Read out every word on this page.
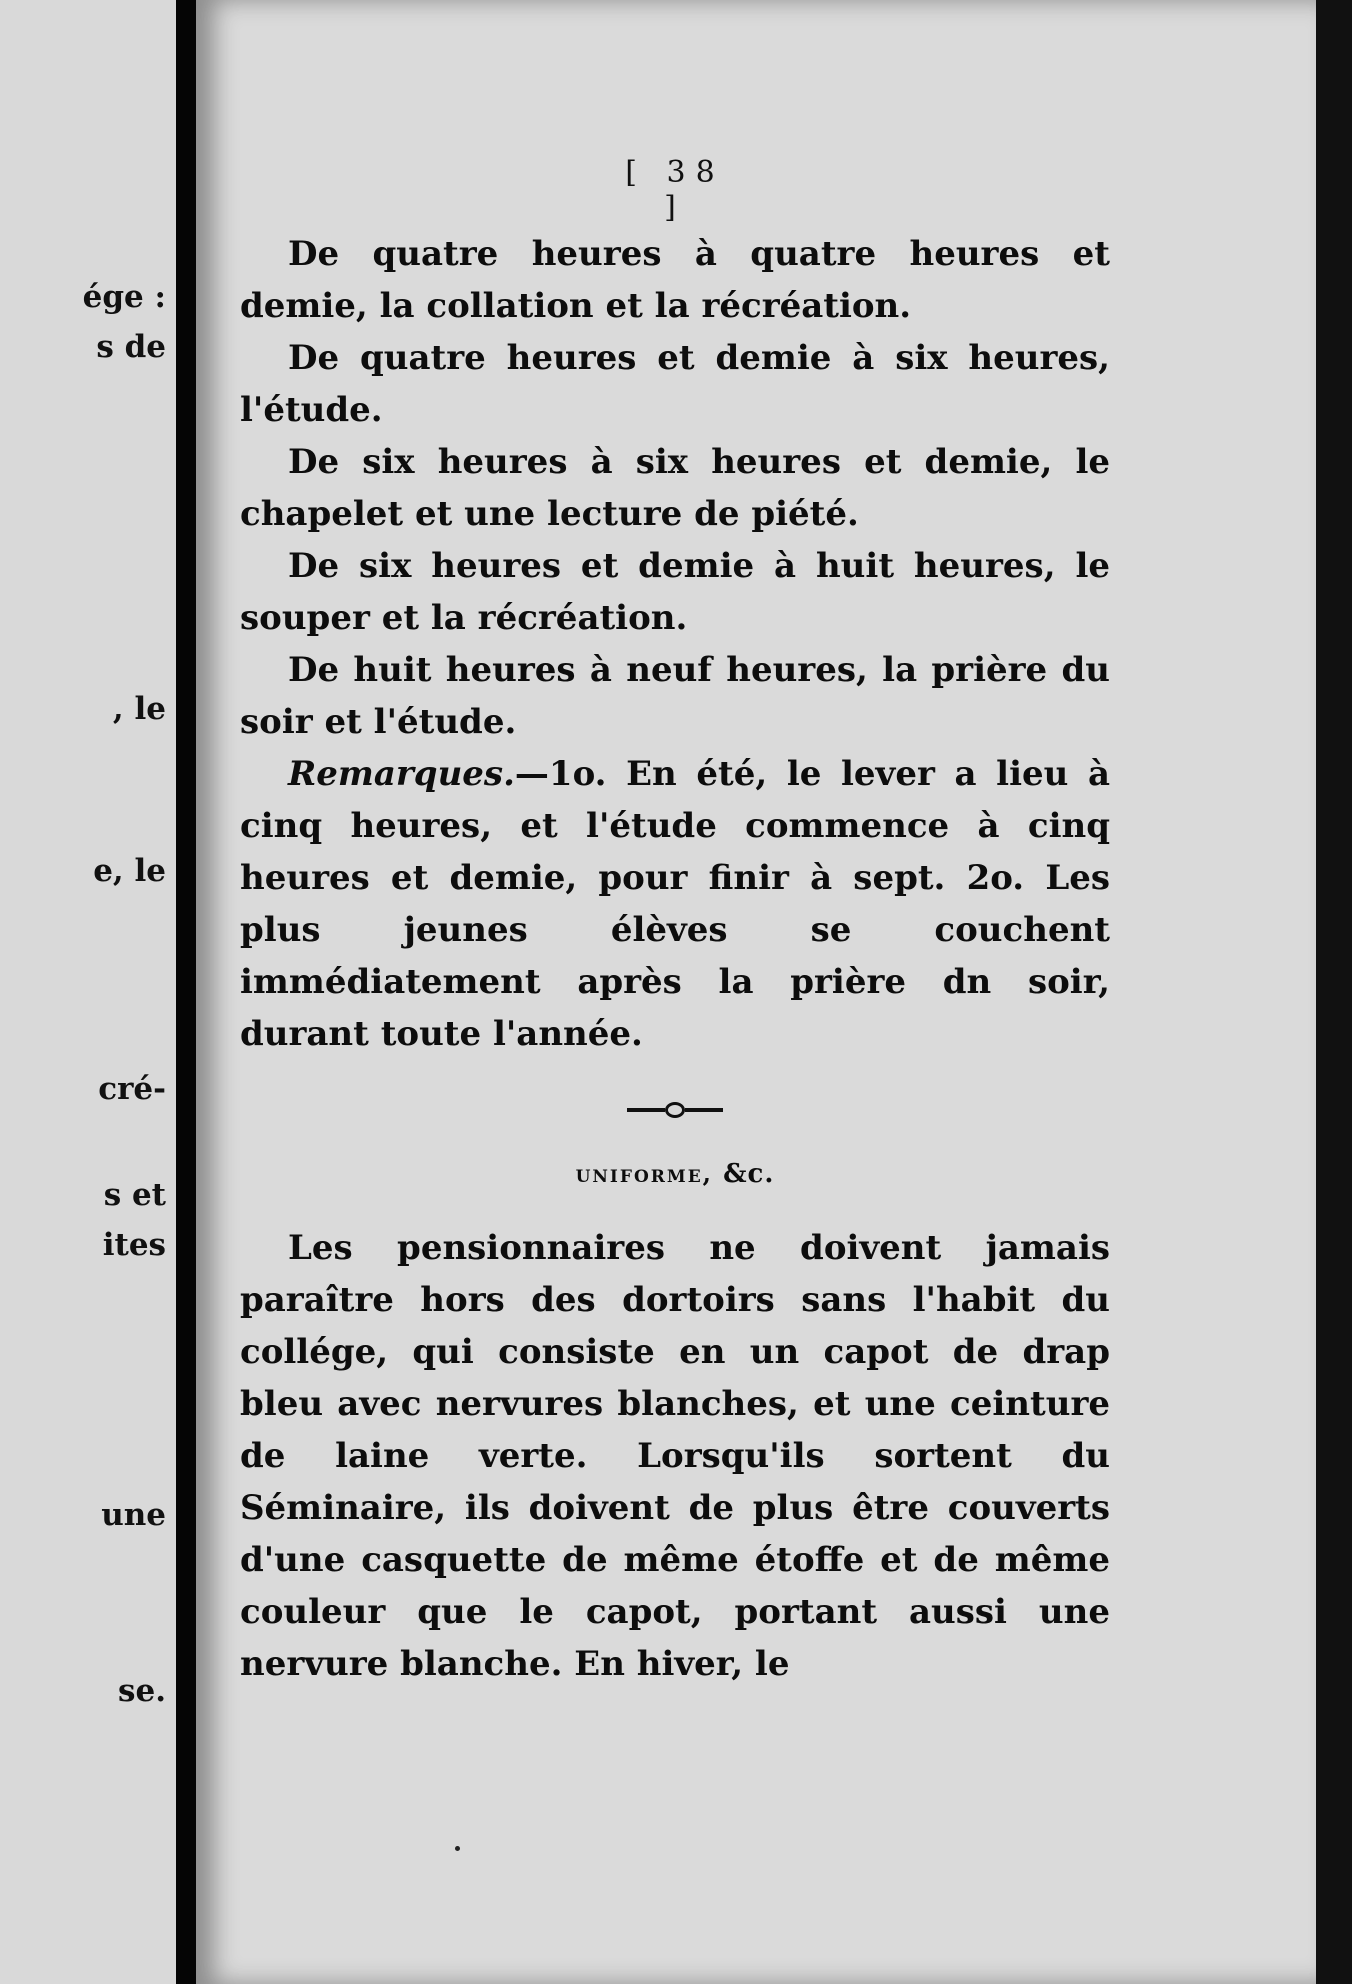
ége :
s de
, le
e, le
cré-
s et
ites
une
se.
[ 38 ]

De quatre heures à quatre heures et demie, la collation et la récréation.

De quatre heures et demie à six heures, l'étude.

De six heures à six heures et demie, le chapelet et une lecture de piété.

De six heures et demie à huit heures, le souper et la récréation.

De huit heures à neuf heures, la prière du soir et l'étude.

Remarques.—1o. En été, le lever a lieu à cinq heures, et l'étude commence à cinq heures et demie, pour finir à sept. 2o. Les plus jeunes élèves se couchent immédiatement après la prière dn soir, durant toute l'année.

uniforme, &c.

Les pensionnaires ne doivent jamais paraître hors des dortoirs sans l'habit du collége, qui consiste en un capot de drap bleu avec nervures blanches, et une ceinture de laine verte. Lorsqu'ils sortent du Séminaire, ils doivent de plus être couverts d'une casquette de même étoffe et de même couleur que le capot, portant aussi une nervure blanche. En hiver, le
